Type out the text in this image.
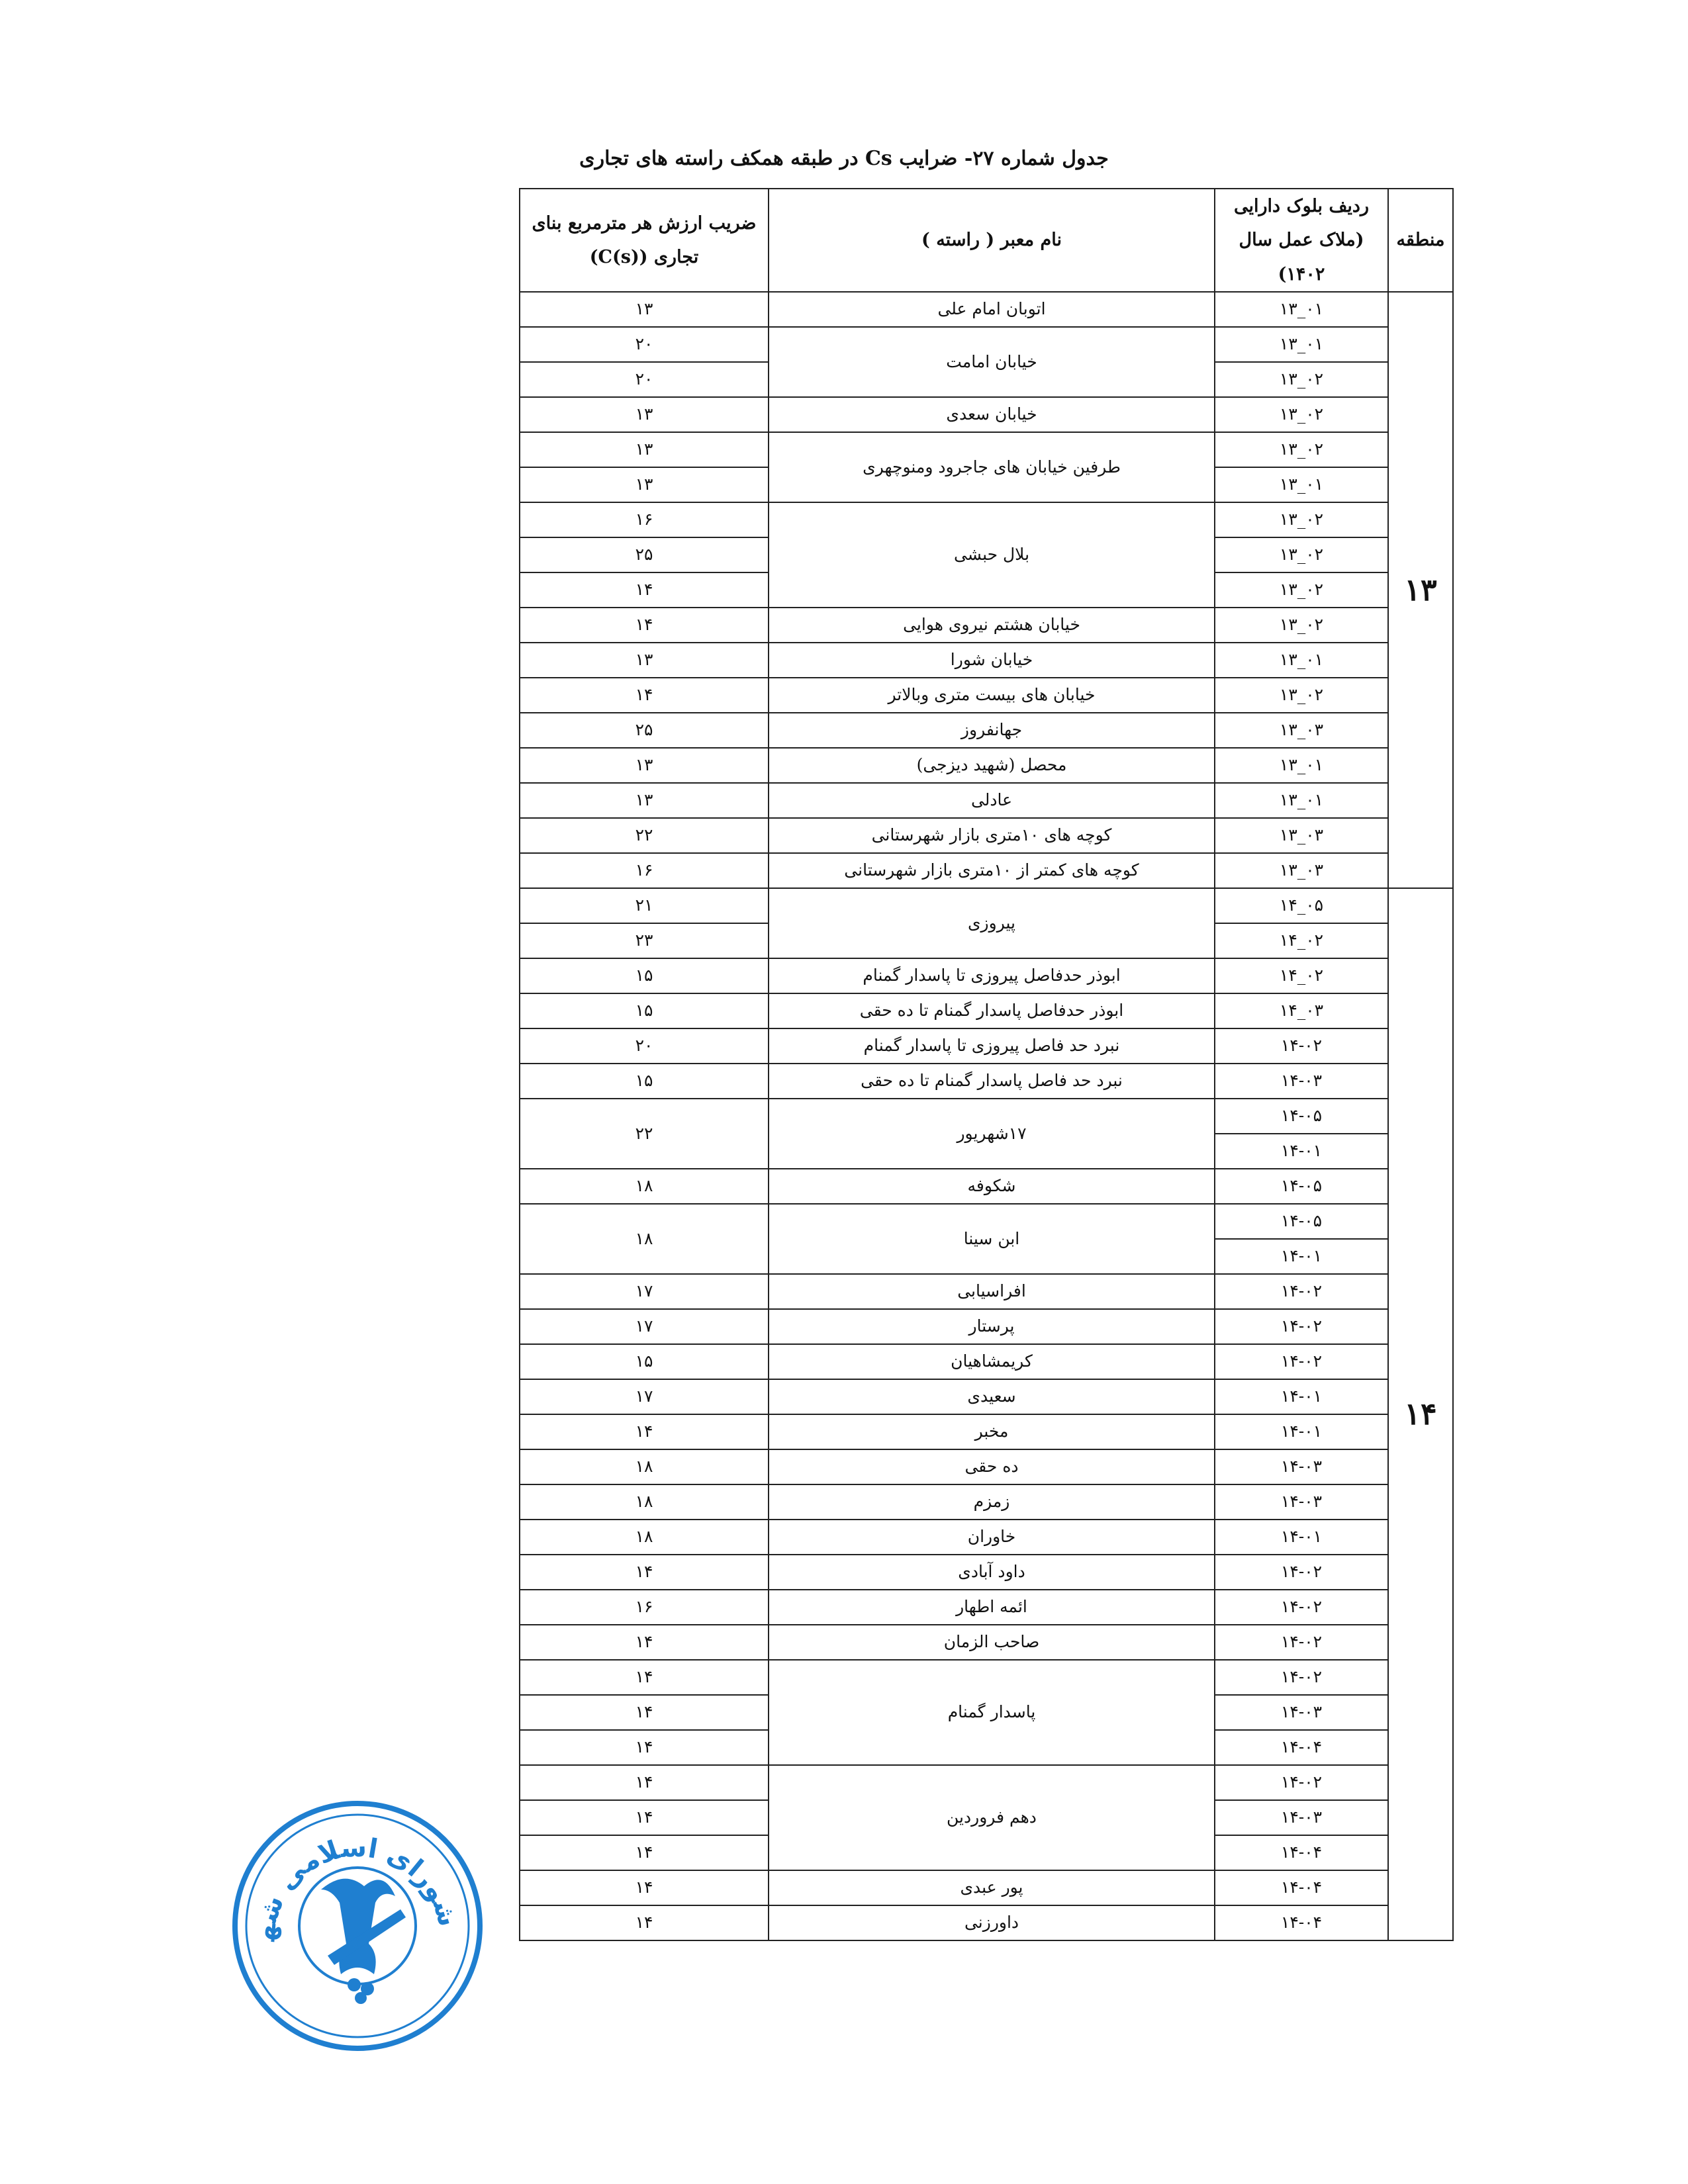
جدول شماره ۲۷- ضرایب Cs در طبقه همکف راسته های تجاری
منطقه	ردیف بلوک دارایی (ملاک عمل سال ۱۴۰۲)	نام معبر ( راسته )	ضریب ارزش هر مترمربع بنای تجاری (C(s))
۱۳	۱۳_۰۱	اتوبان امام علی	۱۳
	۱۳_۰۱	خیابان امامت	۲۰
	۱۳_۰۲		۲۰
	۱۳_۰۲	خیابان سعدی	۱۳
	۱۳_۰۲	طرفین خیابان های جاجرود ومنوچهری	۱۳
	۱۳_۰۱		۱۳
	۱۳_۰۲	بلال حبشی	۱۶
	۱۳_۰۲		۲۵
	۱۳_۰۲		۱۴
	۱۳_۰۲	خیابان هشتم نیروی هوایی	۱۴
	۱۳_۰۱	خیابان شورا	۱۳
	۱۳_۰۲	خیابان های بیست متری وبالاتر	۱۴
	۱۳_۰۳	جهانفروز	۲۵
	۱۳_۰۱	محصل (شهید دیزجی)	۱۳
	۱۳_۰۱	عادلی	۱۳
	۱۳_۰۳	کوچه های ۱۰متری بازار شهرستانی	۲۲
	۱۳_۰۳	کوچه های کمتر از ۱۰متری بازار شهرستانی	۱۶
۱۴	۱۴_۰۵	پیروزی	۲۱
	۱۴_۰۲		۲۳
	۱۴_۰۲	ابوذر حدفاصل پیروزی تا پاسدار گمنام	۱۵
	۱۴_۰۳	ابوذر حدفاصل پاسدار گمنام تا ده حقی	۱۵
	۱۴-۰۲	نبرد حد فاصل پیروزی تا پاسدار گمنام	۲۰
	۱۴-۰۳	نبرد حد فاصل پاسدار گمنام تا ده حقی	۱۵
	۱۴-۰۵	۱۷شهریور	۲۲
	۱۴-۰۱		
	۱۴-۰۵	شکوفه	۱۸
	۱۴-۰۵	ابن سینا	۱۸
	۱۴-۰۱		
	۱۴-۰۲	افراسیابی	۱۷
	۱۴-۰۲	پرستار	۱۷
	۱۴-۰۲	کریمشاهیان	۱۵
	۱۴-۰۱	سعیدی	۱۷
	۱۴-۰۱	مخبر	۱۴
	۱۴-۰۳	ده حقی	۱۸
	۱۴-۰۳	زمزم	۱۸
	۱۴-۰۱	خاوران	۱۸
	۱۴-۰۲	داود آبادی	۱۴
	۱۴-۰۲	ائمه اطهار	۱۶
	۱۴-۰۲	صاحب الزمان	۱۴
	۱۴-۰۲	پاسدار گمنام	۱۴
	۱۴-۰۳		۱۴
	۱۴-۰۴		۱۴
	۱۴-۰۲	دهم فروردین	۱۴
	۱۴-۰۳		۱۴
	۱۴-۰۴		۱۴
	۱۴-۰۴	پور عبدی	۱۴
	۱۴-۰۴	داورزنی	۱۴
شورای اسلامی شه
